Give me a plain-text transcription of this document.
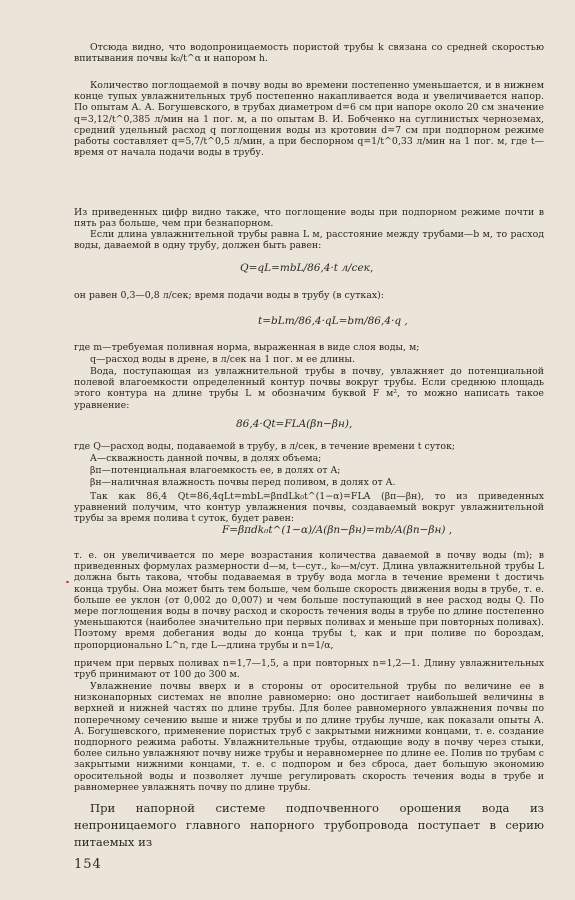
Отсюда видно, что водопроницаемость пористой трубы k связана со средней скоростью впитывания почвы k₀/t^α и напором h.

Количество поглощаемой в почву воды во времени постепенно уменьшается, и в нижнем конце тупых увлажнительных труб постепенно накапливается вода и увеличивается напор. По опытам А. А. Богушевского, в трубах диаметром d=6 см при напоре около 20 см значение q=3,12/t^0,385 л/мин на 1 пог. м, а по опытам В. И. Бобченко на суглинистых черноземах, средний удельный расход q поглощения воды из кротовин d=7 см при подпорном режиме работы составляет q=5,7/t^0,5 л/мин, а при беспорном q=1/t^0,33 л/мин на 1 пог. м, где t—время от начала подачи воды в трубу.

Из приведенных цифр видно также, что поглощение воды при подпорном режиме почти в пять раз больше, чем при безнапорном.

Если длина увлажнительной трубы равна L м, расстояние между трубами—b м, то расход воды, даваемой в одну трубу, должен быть равен:

Q=qL=mbL/86,4·t л/сек,

он равен 0,3—0,8 л/сек; время подачи воды в трубу (в сутках):

t=bLm/86,4·qL=bm/86,4·q ,

где m—требуемая поливная норма, выраженная в виде слоя воды, м;

q—расход воды в дрене, в л/сек на 1 пог. м ее длины.

Вода, поступающая из увлажнительной трубы в почву, увлажняет до потенциальной полевой влагоемкости определенный контур почвы вокруг трубы. Если среднюю площадь этого контура на длине трубы L м обозначим буквой F м², то можно написать такое уравнение:

86,4·Qt=FLA(βп−βн),

где Q—расход воды, подаваемой в трубу, в л/сек, в течение времени t суток;

A—скважность данной почвы, в долях объема;

βп—потенциальная влагоемкость ее, в долях от A;

βн—наличная влажность почвы перед поливом, в долях от A.

Так как 86,4 Qt=86,4qLt=mbL=βπdLk₀t^(1−α)=FLA (βп—βн), то из приведенных уравнений получим, что контур увлажнения почвы, создаваемый вокруг увлажнительной трубы за время полива t суток, будет равен:

F=βπdk₀t^(1−α)/A(βп−βн)=mb/A(βп−βн) ,

т. е. он увеличивается по мере возрастания количества даваемой в почву воды (m); в приведенных формулах размерности d—м, t—сут., k₀—м/сут. Длина увлажнительной трубы L должна быть такова, чтобы подаваемая в трубу вода могла в течение времени t достичь конца трубы. Она может быть тем больше, чем больше скорость движения воды в трубе, т. е. больше ее уклон (от 0,002 до 0,007) и чем больше поступающий в нее расход воды Q. По мере поглощения воды в почву расход и скорость течения воды в трубе по длине постепенно уменьшаются (наиболее значительно при первых поливах и меньше при повторных поливах). Поэтому время добегания воды до конца трубы t, как и при поливе по бороздам, пропорционально L^n, где L—длина трубы и n=1/α,

причем при первых поливах n=1,7—1,5, а при повторных n=1,2—1. Длину увлажнительных труб принимают от 100 до 300 м.

Увлажнение почвы вверх и в стороны от оросительной трубы по величине ее в низконапорных системах не вполне равномерно: оно достигает наибольшей величины в верхней и нижней частях по длине трубы. Для более равномерного увлажнения почвы по поперечному сечению выше и ниже трубы и по длине трубы лучше, как показали опыты А. А. Богушевского, применение пористых труб с закрытыми нижними концами, т. е. создание подпорного режима работы. Увлажнительные трубы, отдающие воду в почву через стыки, более сильно увлажняют почву ниже трубы и неравномернее по длине ее. Полив по трубам с закрытыми нижними концами, т. е. с подпором и без сброса, дает большую экономию оросительной воды и позволяет лучше регулировать скорость течения воды в трубе и равномернее увлажнять почву по длине трубы.

При напорной системе подпочвенного орошения вода из непроницаемого главного напорного трубопровода поступает в серию питаемых из

154
